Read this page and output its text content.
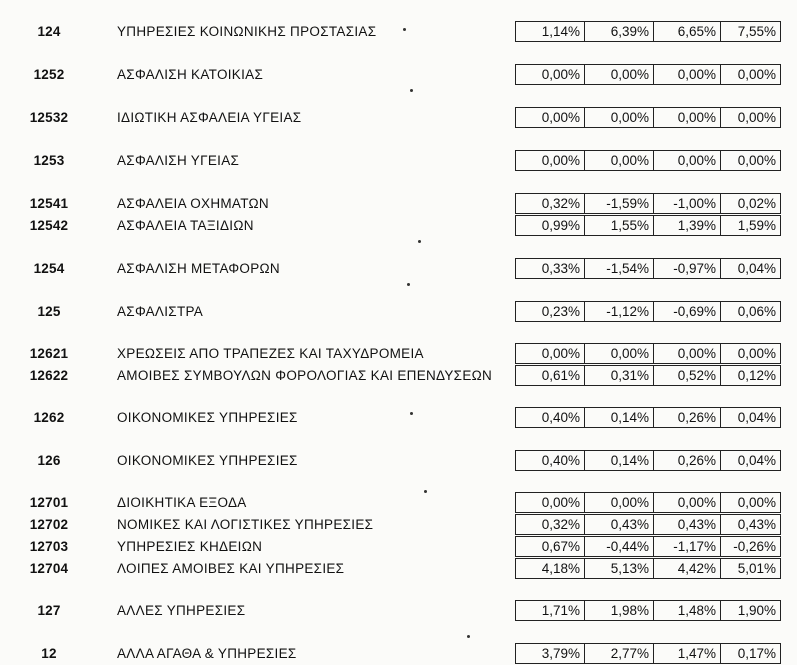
124	ΥΠΗΡΕΣΙΕΣ ΚΟΙΝΩΝΙΚΗΣ ΠΡΟΣΤΑΣΙΑΣ	1,14%	6,39%	6,65%	7,55%
1252	ΑΣΦΑΛΙΣΗ ΚΑΤΟΙΚΙΑΣ	0,00%	0,00%	0,00%	0,00%
12532	ΙΔΙΩΤΙΚΗ ΑΣΦΑΛΕΙΑ ΥΓΕΙΑΣ	0,00%	0,00%	0,00%	0,00%
1253	ΑΣΦΑΛΙΣΗ ΥΓΕΙΑΣ	0,00%	0,00%	0,00%	0,00%
12541	ΑΣΦΑΛΕΙΑ ΟΧΗΜΑΤΩΝ	0,32%	-1,59%	-1,00%	0,02%
12542	ΑΣΦΑΛΕΙΑ ΤΑΞΙΔΙΩΝ	0,99%	1,55%	1,39%	1,59%
1254	ΑΣΦΑΛΙΣΗ ΜΕΤΑΦΟΡΩΝ	0,33%	-1,54%	-0,97%	0,04%
125	ΑΣΦΑΛΙΣΤΡΑ	0,23%	-1,12%	-0,69%	0,06%
12621	ΧΡΕΩΣΕΙΣ ΑΠΟ ΤΡΑΠΕΖΕΣ ΚΑΙ ΤΑΧΥΔΡΟΜΕΙΑ	0,00%	0,00%	0,00%	0,00%
12622	ΑΜΟΙΒΕΣ ΣΥΜΒΟΥΛΩΝ ΦΟΡΟΛΟΓΙΑΣ ΚΑΙ ΕΠΕΝΔΥΣΕΩΝ	0,61%	0,31%	0,52%	0,12%
1262	ΟΙΚΟΝΟΜΙΚΕΣ ΥΠΗΡΕΣΙΕΣ	0,40%	0,14%	0,26%	0,04%
126	ΟΙΚΟΝΟΜΙΚΕΣ ΥΠΗΡΕΣΙΕΣ	0,40%	0,14%	0,26%	0,04%
12701	ΔΙΟΙΚΗΤΙΚΑ ΕΞΟΔΑ	0,00%	0,00%	0,00%	0,00%
12702	ΝΟΜΙΚΕΣ ΚΑΙ ΛΟΓΙΣΤΙΚΕΣ ΥΠΗΡΕΣΙΕΣ	0,32%	0,43%	0,43%	0,43%
12703	ΥΠΗΡΕΣΙΕΣ ΚΗΔΕΙΩΝ	0,67%	-0,44%	-1,17%	-0,26%
12704	ΛΟΙΠΕΣ ΑΜΟΙΒΕΣ ΚΑΙ ΥΠΗΡΕΣΙΕΣ	4,18%	5,13%	4,42%	5,01%
127	ΑΛΛΕΣ ΥΠΗΡΕΣΙΕΣ	1,71%	1,98%	1,48%	1,90%
12	ΑΛΛΑ ΑΓΑΘΑ & ΥΠΗΡΕΣΙΕΣ	3,79%	2,77%	1,47%	0,17%
